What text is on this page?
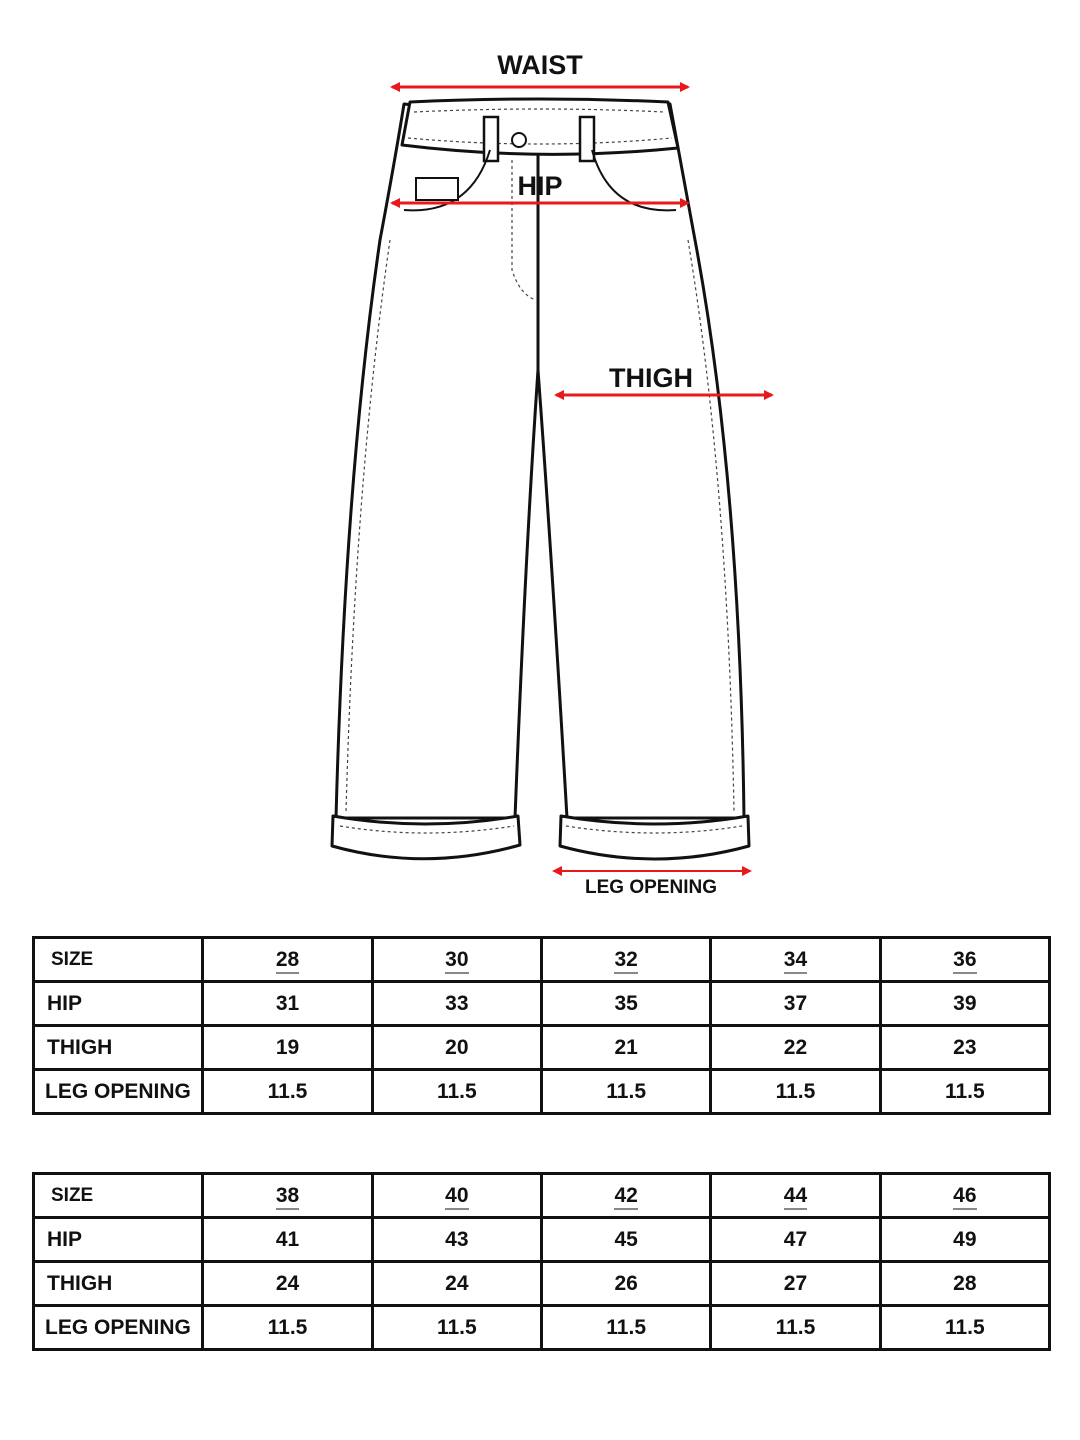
WAIST
HIP
THIGH
LEG OPENING
SIZE	28	30	32	34	36
HIP	31	33	35	37	39
THIGH	19	20	21	22	23
LEG OPENING	11.5	11.5	11.5	11.5	11.5
SIZE	38	40	42	44	46
HIP	41	43	45	47	49
THIGH	24	24	26	27	28
LEG OPENING	11.5	11.5	11.5	11.5	11.5
